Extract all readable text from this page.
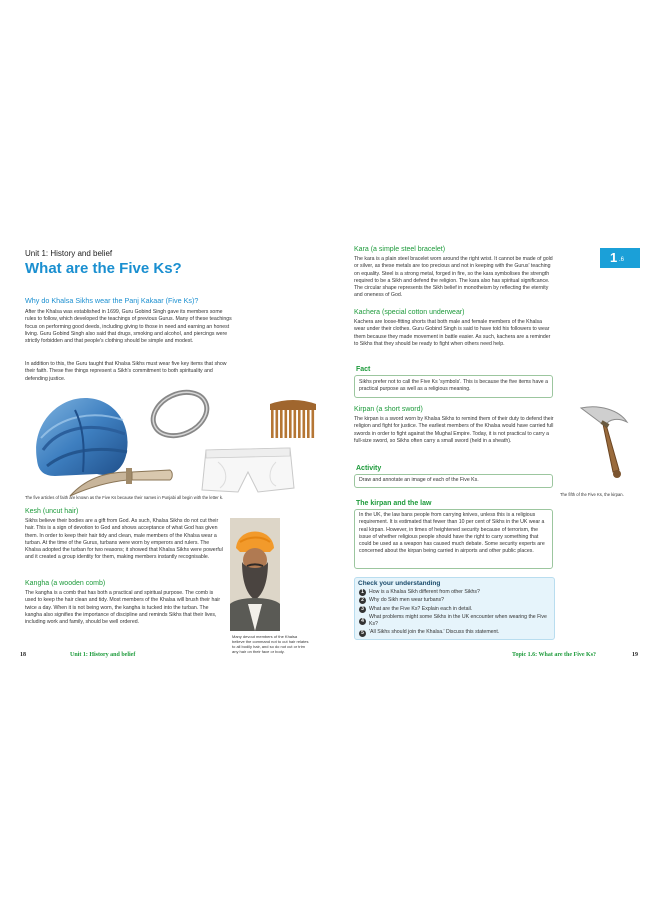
Unit 1: History and belief
What are the Five Ks?
Why do Khalsa Sikhs wear the Panj Kakaar (Five Ks)?

After the Khalsa was established in 1699, Guru Gobind Singh gave its members some rules to follow, which developed the teachings of previous Gurus. Many of these teachings focus on performing good deeds, including giving to those in need and earning an honest living. Guru Gobind Singh also said that drugs, smoking and alcohol, and piercings were strictly forbidden and that people's clothing should be simple and modest.

In addition to this, the Guru taught that Khalsa Sikhs must wear five key items that show their faith. These five things represent a Sikh's commitment to both spirituality and defending justice.

The five articles of faith are known as the Five Ks because their names in Punjabi all begin with the letter k.

Kesh (uncut hair)

Sikhs believe their bodies are a gift from God. As such, Khalsa Sikhs do not cut their hair. This is a sign of devotion to God and shows acceptance of what God has given them. In order to keep their hair tidy and clean, male members of the Khalsa wear a turban. At the time of the Gurus, turbans were worn by emperors and rulers. The Khalsa adopted the turban for two reasons; it showed that Khalsa Sikhs were powerful and it created a group identity for them, making members instantly recognisable.

Kangha (a wooden comb)

The kangha is a comb that has both a practical and spiritual purpose. The comb is used to keep the hair clean and tidy. Most members of the Khalsa will brush their hair twice a day. When it is not being worn, the kangha is tucked into the turban. The kangha also signifies the importance of discipline and reminds Sikhs that their lives, including work and family, should be well ordered.

Many devout members of the Khalsa believe the command not to cut hair relates to all bodily hair, and so do not cut or trim any hair on their face or body.
1 .6

Kara (a simple steel bracelet)

The kara is a plain steel bracelet worn around the right wrist. It cannot be made of gold or silver, as these metals are too precious and not in keeping with the Gurus' teaching on equality. Steel is a strong metal, forged in fire, so the kara symbolises the strength required to be a Sikh and defend the religion. The kara also has spiritual significance. The circular shape represents the Sikh belief in monotheism by reflecting the eternity and oneness of God.

Kachera (special cotton underwear)

Kachera are loose-fitting shorts that both male and female members of the Khalsa wear under their clothes. Guru Gobind Singh is said to have told his followers to wear them because they made movement in battle easier. As such, kachera are a reminder to Sikhs that they should be ready to fight when others need help.

Fact

Sikhs prefer not to call the Five Ks 'symbols'. This is because the five items have a practical purpose as well as a religious meaning.

Kirpan (a short sword)

The kirpan is a sword worn by Khalsa Sikhs to remind them of their duty to defend their religion and fight for justice. The earliest members of the Khalsa would have carried full swords in order to fight against the Mughal Empire. Today, it is not practical to carry a full-size sword, so Sikhs often carry a small sword (held in a sheath).

The fifth of the Five Ks, the kirpan.
Activity

Draw and annotate an image of each of the Five Ks.

The kirpan and the law

In the UK, the law bans people from carrying knives, unless this is a religious requirement. It is estimated that fewer than 10 per cent of Sikhs in the UK wear a real kirpan. However, in times of heightened security because of terrorism, the issue of whether religious people should have the right to carry something that could be used as a weapon has caused much debate. Some security experts are concerned about the kirpan being carried in airports and other public places.

Check your understanding
1 How is a Khalsa Sikh different from other Sikhs?
2 Why do Sikh men wear turbans?
3 What are the Five Ks? Explain each in detail.
4
What problems might some Sikhs in the UK encounter when wearing the Five Ks?
5 'All Sikhs should join the Khalsa.' Discuss this statement.
18	Unit 1: History and belief	Topic 1.6: What are the Five Ks?	19
